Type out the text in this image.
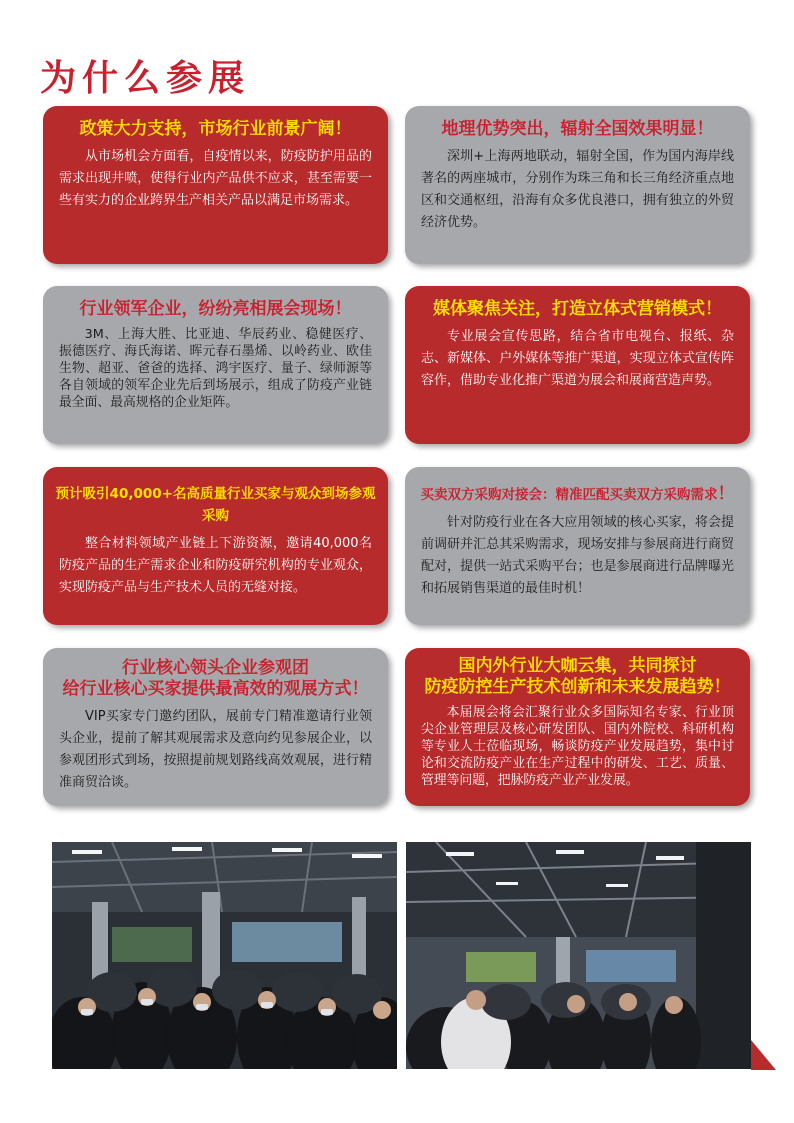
为什么参展
政策大力支持，市场行业前景广阔！
从市场机会方面看，自疫情以来，防疫防护用品的需求出现井喷，使得行业内产品供不应求，甚至需要一些有实力的企业跨界生产相关产品以满足市场需求。
地理优势突出，辐射全国效果明显！
深圳+上海两地联动，辐射全国，作为国内海岸线著名的两座城市，分别作为珠三角和长三角经济重点地区和交通枢纽，沿海有众多优良港口，拥有独立的外贸经济优势。
行业领军企业，纷纷亮相展会现场！
3M、上海大胜、比亚迪、华辰药业、稳健医疗、振德医疗、海氏海诺、晖元春石墨烯、以岭药业、欧佳生物、超亚、爸爸的选择、鸿宇医疗、量子、绿师源等各自领域的领军企业先后到场展示，组成了防疫产业链最全面、最高规格的企业矩阵。
媒体聚焦关注，打造立体式营销模式！
专业展会宣传思路，结合省市电视台、报纸、杂志、新媒体、户外媒体等推广渠道，实现立体式宣传阵容作，借助专业化推广渠道为展会和展商营造声势。
预计吸引40,000+名高质量行业买家与观众到场参观采购
整合材料领域产业链上下游资源，邀请40,000名防疫产品的生产需求企业和防疫研究机构的专业观众，实现防疫产品与生产技术人员的无缝对接。
买卖双方采购对接会：精准匹配买卖双方采购需求！
针对防疫行业在各大应用领域的核心买家，将会提前调研并汇总其采购需求，现场安排与参展商进行商贸配对，提供一站式采购平台；也是参展商进行品牌曝光和拓展销售渠道的最佳时机！
行业核心领头企业参观团
给行业核心买家提供最高效的观展方式！
VIP买家专门邀约团队，展前专门精准邀请行业领头企业，提前了解其观展需求及意向约见参展企业，以参观团形式到场，按照提前规划路线高效观展，进行精准商贸洽谈。
国内外行业大咖云集，共同探讨
防疫防控生产技术创新和未来发展趋势！
本届展会将会汇聚行业众多国际知名专家、行业顶尖企业管理层及核心研发团队、国内外院校、科研机构等专业人士莅临现场，畅谈防疫产业发展趋势，集中讨论和交流防疫产业在生产过程中的研发、工艺、质量、管理等问题，把脉防疫产业产业发展。
